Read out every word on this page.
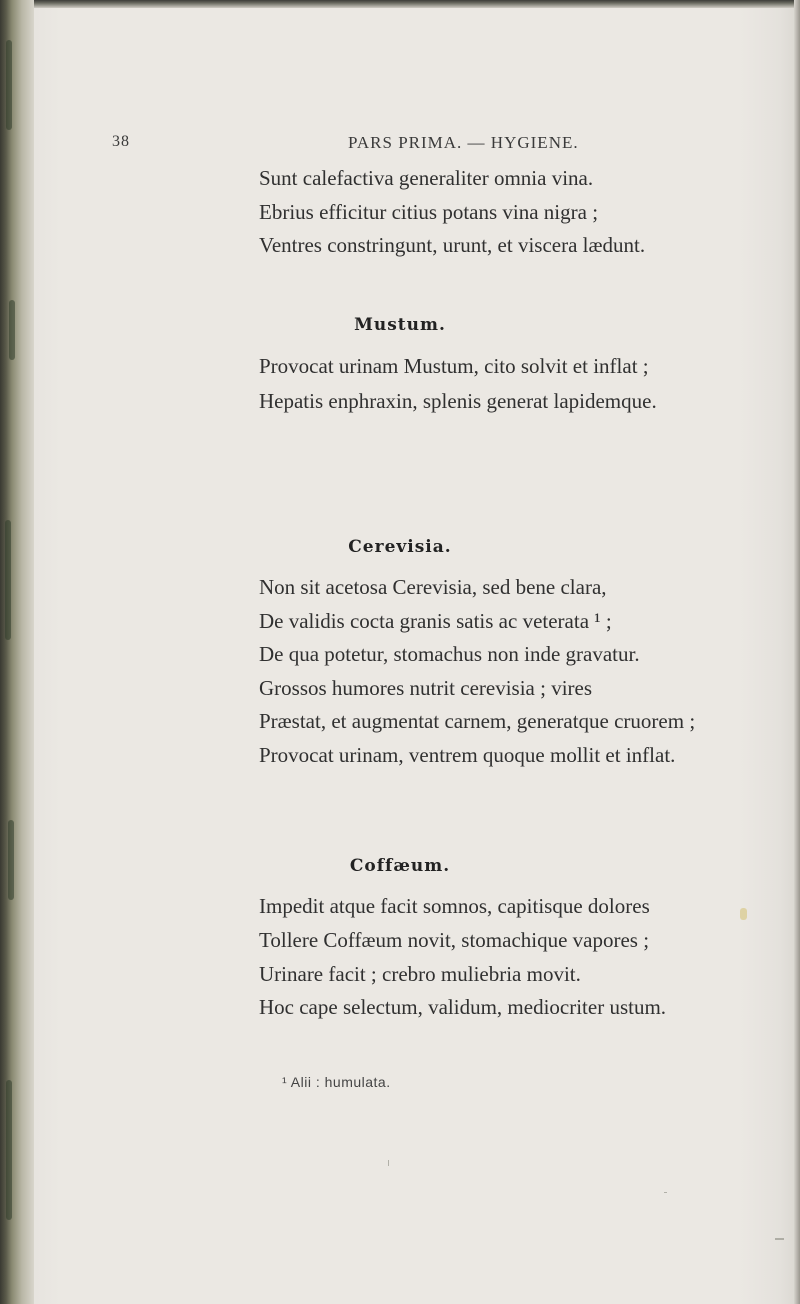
38	PARS PRIMA. — HYGIENE.
Sunt calefactiva generaliter omnia vina.
Ebrius efficitur citius potans vina nigra ;
Ventres constringunt, urunt, et viscera lædunt.
Mustum.
Provocat urinam Mustum, cito solvit et inflat ;
Hepatis enphraxin, splenis generat lapidemque.
Cerevisia.
Non sit acetosa Cerevisia, sed bene clara,
De validis cocta granis satis ac veterata ¹ ;
De qua potetur, stomachus non inde gravatur.
Grossos humores nutrit cerevisia ; vires
Præstat, et augmentat carnem, generatque cruorem ;
Provocat urinam, ventrem quoque mollit et inflat.
Coffæum.
Impedit atque facit somnos, capitisque dolores
Tollere Coffæum novit, stomachique vapores ;
Urinare facit ; crebro muliebria movit.
Hoc cape selectum, validum, mediocriter ustum.
¹ Alii : humulata.
